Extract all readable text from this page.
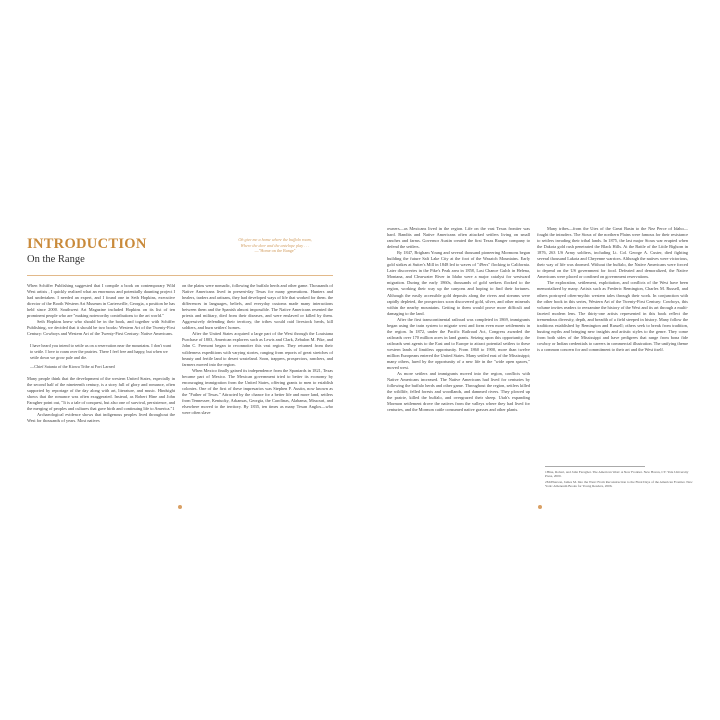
INTRODUCTION
On the Range
Oh give me a home where the buffalo roam,
Where the deer and the antelope play . . .
—"Home on the Range"

When Schiffer Publishing suggested that I compile a book on contemporary Wild West artists , I quickly realized what an enormous and potentially daunting project I had undertaken. I needed an expert, and I found one in Seth Hopkins, executive director of the Booth Western Art Museum in Cartersville, Georgia, a position he has held since 2000. Southwest Art Magazine included Hopkins on its list of ten prominent people who are "making noteworthy contributions to the art world."

Seth Hopkins knew who should be in the book, and together with Schiffer Publishing, we decided that it should be two books: Western Art of the Twenty-First Century: Cowboys and Western Art of the Twenty-First Century: Native Americans.

I have heard you intend to settle us on a reservation near the mountains. I don't want to settle. I love to roam over the prairies. There I feel free and happy, but when we settle down we grow pale and die.
—Chief Satanta of the Kiowa Tribe at Fort Larned

Many people think that the development of the western United States, especially in the second half of the nineteenth century, is a story full of glory and romance, often supported by reportage of the day along with art, literature, and music. Hindsight shows that the romance was often exaggerated. Instead, as Robert Hine and John Faragher point out, "It is a tale of conquest, but also one of survival, persistence, and the merging of peoples and cultures that gave birth and continuing life to America."1

Archaeological evidence shows that indigenous peoples lived throughout the West for thousands of years. Most natives

on the plains were nomadic, following the buffalo herds and other game. Thousands of Native Americans lived in present-day Texas for many generations. Hunters and healers, traders and artisans, they had developed ways of life that worked for them. the differences in languages, beliefs, and everyday customs made many interactions between them and the Spanish almost impossible. The Native Americans resented the priests and military, died from their diseases, and were enslaved or killed by them. Aggressively defending their territory, the tribes would raid livestock herds, kill soldiers, and burn settlers' homes.

After the United States acquired a large part of the West through the Louisiana Purchase of 1803, American explorers such as Lewis and Clark, Zebulon M. Pike, and John C. Fremont began to reconnoiter this vast region. They returned from their wilderness expeditions with varying stories, ranging from reports of great stretches of beauty and fertile land to desert wasteland. Soon, trappers, prospectors, ranchers, and farmers moved into the region.

When Mexico finally gained its independence from the Spaniards in 1821, Texas became part of Mexico. The Mexican government tried to better its economy by encouraging immigration from the United States, offering grants to men to establish colonies. One of the first of these impresarios was Stephen F. Austin, now known as the "Father of Texas." Attracted by the chance for a better life and more land, settlers from Tennessee, Kentucky, Arkansas, Georgia, the Carolinas, Alabama, Missouri, and elsewhere moved to the territory. By 1835, ten times as many Texan Anglos—who were often slave

owners—as Mexicans lived in the region. Life on the vast Texas frontier was hard. Bandits and Native Americans often attacked settlers living on small ranches and farms. Governor Austin created the first Texas Ranger company to defend the settlers.

By 1847, Brigham Young and several thousand pioneering Mormons began building the future Salt Lake City at the foot of the Wasatch Mountains. Early gold strikes at Sutter's Mill in 1848 led to waves of "49ers" flocking to California. Later discoveries in the Pike's Peak area in 1858, Last Chance Gulch in Helena, Montana, and Clearwater River in Idaho were a major catalyst for westward migration. During the early 1860s, thousands of gold seekers flocked to the region, working their way up the canyons and hoping to find their fortunes. Although the easily accessible gold deposits along the rivers and streams were rapidly depleted, the prospectors soon discovered gold, silver, and other minerals within the nearby mountains. Getting to them would prove more difficult and damaging to the land.

After the first transcontinental railroad was completed in 1869, immigrants began using the train system to migrate west and form even more settlements in the region. In 1872, under the Pacific Railroad Act, Congress awarded the railroads over 170 million acres in land grants. Seizing upon this opportunity, the railroads sent agents to the East and to Europe to attract potential settlers to these western lands of limitless opportunity. From 1860 to 1900, more than twelve million Europeans entered the United States. Many settled east of the Mississippi; many others, lured by the opportunity of a new life in the "wide open spaces," moved west.

As more settlers and immigrants moved into the region, conflicts with Native Americans increased. The Native Americans had lived for centuries by following the buffalo herds and other game. Throughout the region, settlers killed the wildlife, felled forests and woodlands, and dammed rivers. They plowed up the prairie, killed the buffalo, and overgrazed their sheep. Utah's expanding Mormon settlement drove the natives from the valleys where they had lived for centuries, and the Mormon cattle consumed native grasses and other plants.

Many tribes—from the Utes of the Great Basin to the Nez Perce of Idaho—fought the intruders. The Sioux of the northern Plains were famous for their resistance to settlers invading their tribal lands. In 1875, the last major Sioux war erupted when the Dakota gold rush penetrated the Black Hills. At the Battle of the Little Bighorn in 1876, 263 US Army soldiers, including Lt. Col. George A. Custer, died fighting several thousand Lakota and Cheyenne warriors. Although the natives were victorious, their way of life was doomed. Without the buffalo, the Native Americans were forced to depend on the US government for food. Defeated and demoralized, the Native Americans were placed or confined on government reservations.

The exploration, settlement, exploitation, and conflicts of the West have been memorialized by many. Artists such as Frederic Remington, Charles M. Russell, and others portrayed often-mythic western tales through their work. In conjunction with the other book in this series, Western Art of the Twenty-First Century: Cowboys, this volume invites readers to reexamine the history of the West and its art through a multi-faceted modern lens. The thirty-one artists represented in this book reflect the tremendous diversity, depth, and breadth of a field steeped in history. Many follow the traditions established by Remington and Russell; others seek to break from tradition, busting myths and bringing new insights and artistic styles to the genre. They come from both sides of the Mississippi and have pedigrees that range from bona fide cowboy or Indian credentials to careers in commercial illustration. The unifying theme is a common concern for and commitment to their art and the West itself.

1Hine, Robert, and John Faragher. The American West: A New Frontier. New Haven, CT: Yale University Press, 2000.
2McPherson, James M. Into the West: From Reconstruction to the Final Days of the American Frontier. New York: Atheneum Books for Young Readers, 2006.
